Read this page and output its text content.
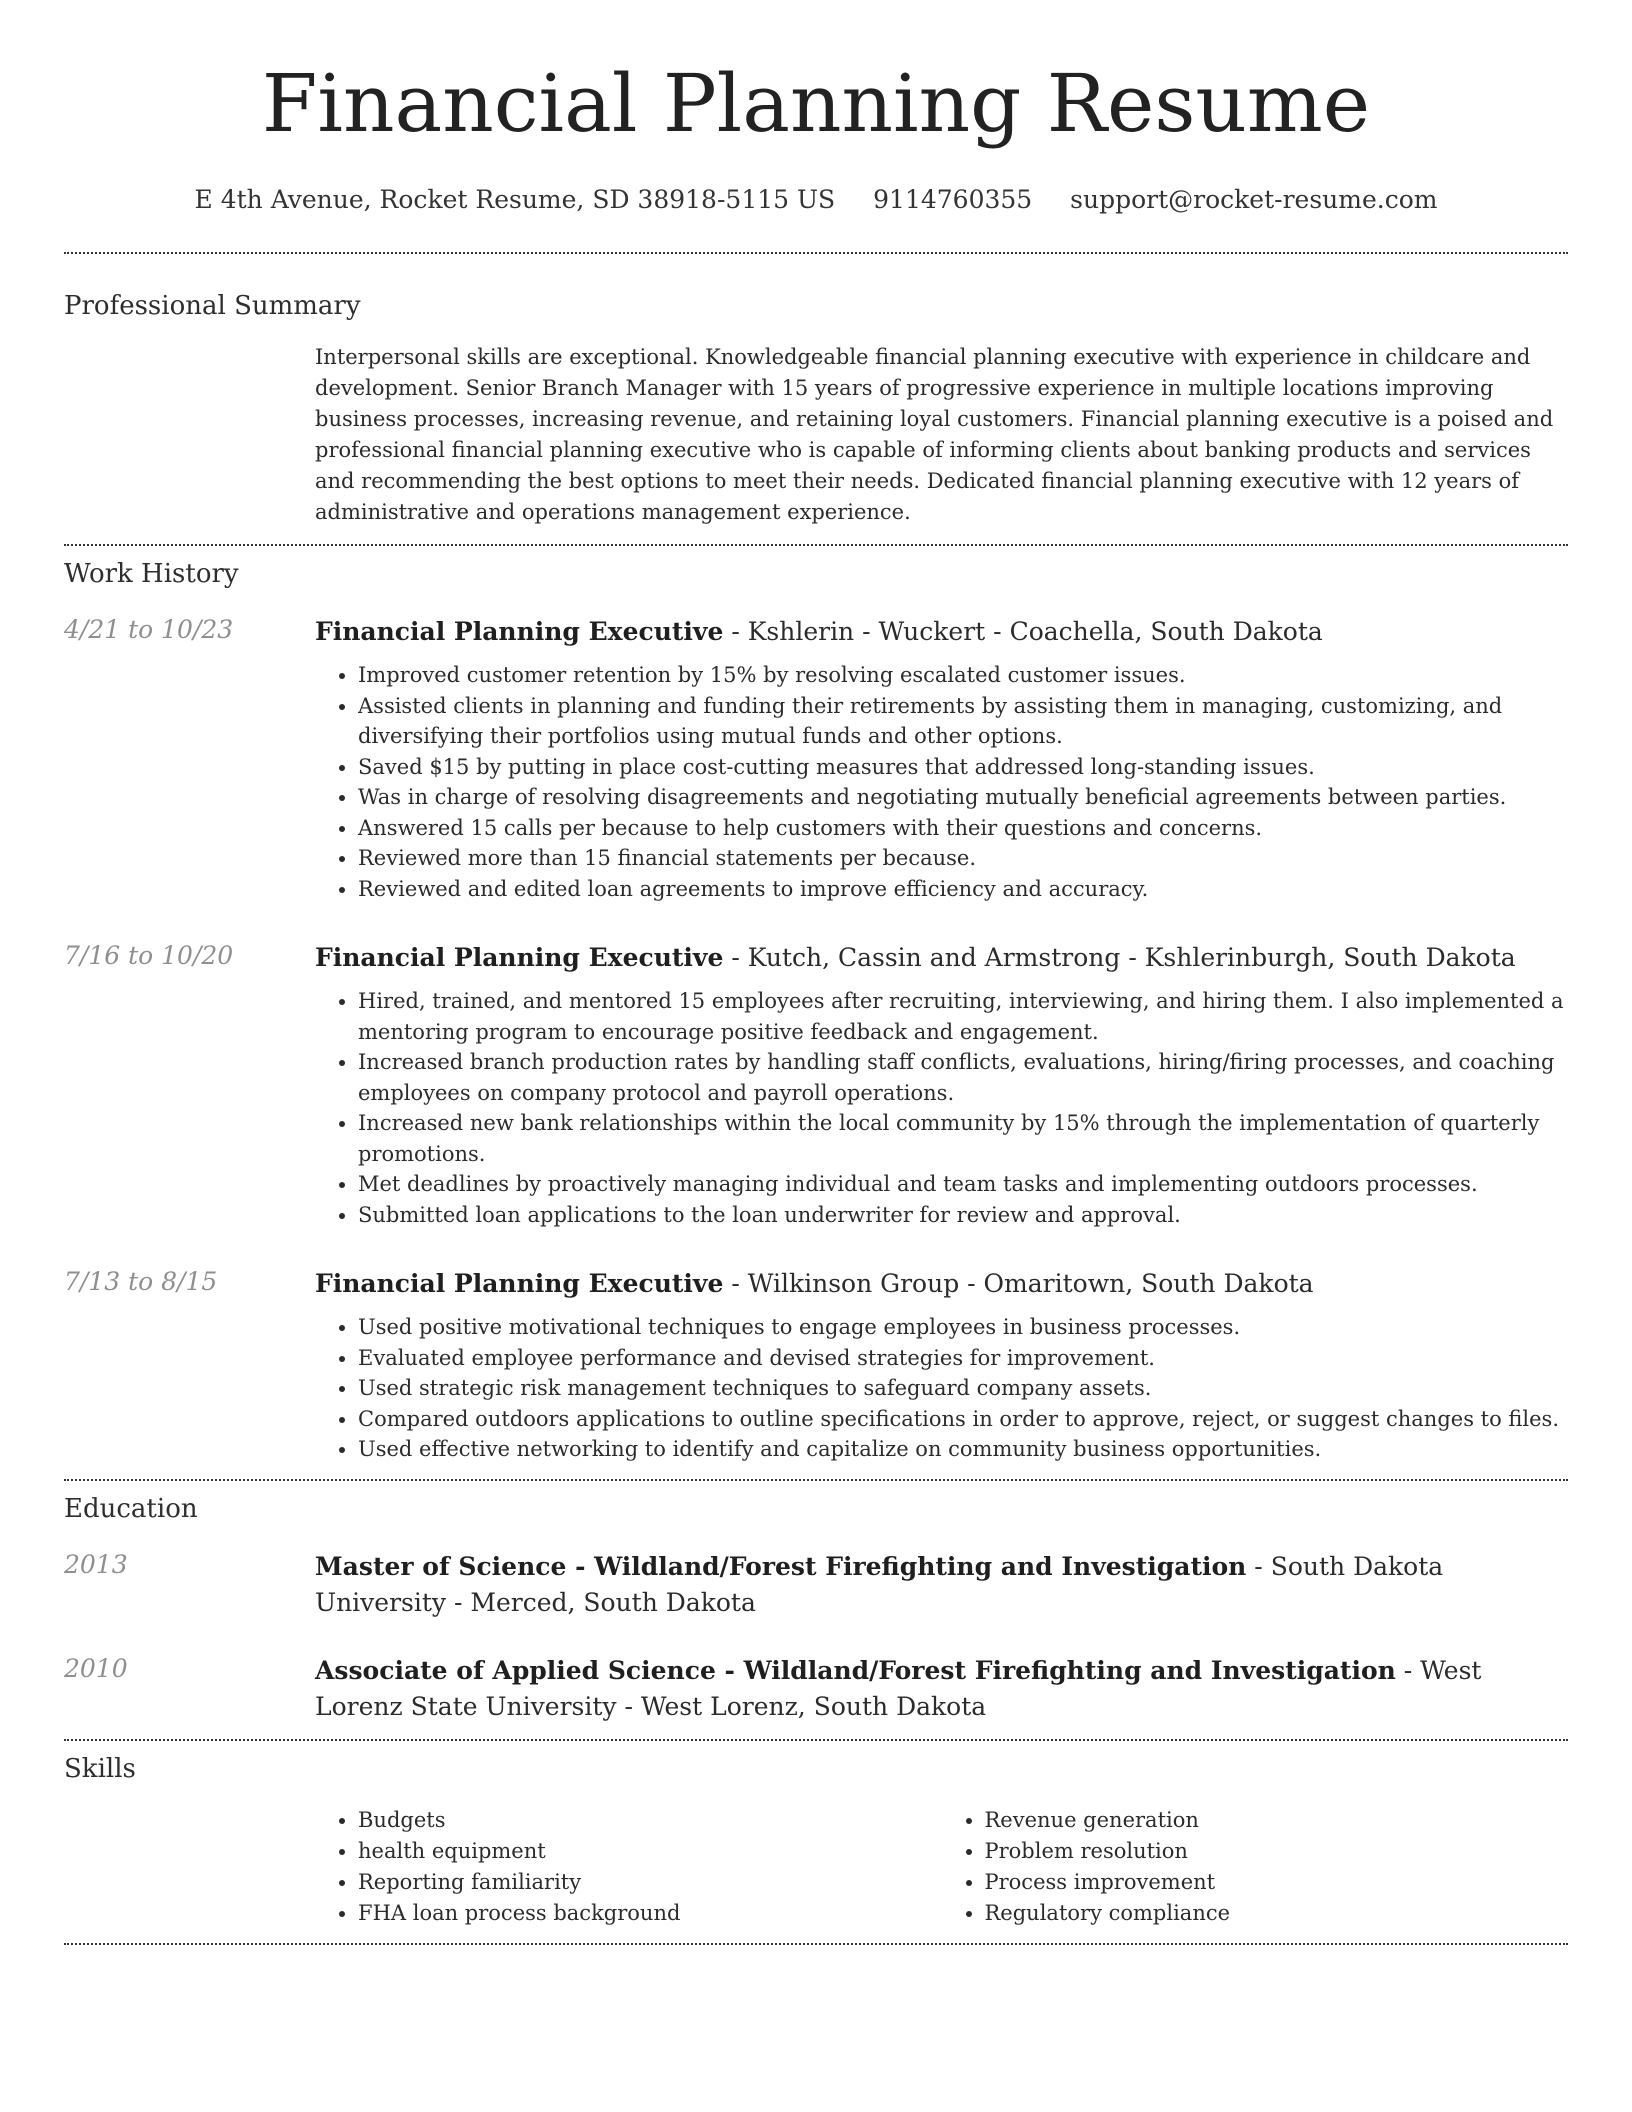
Financial Planning Resume
E 4th Avenue, Rocket Resume, SD 38918-5115 US 9114760355 support@rocket-resume.com
Professional Summary

Interpersonal skills are exceptional. Knowledgeable financial planning executive with experience in childcare and development. Senior Branch Manager with 15 years of progressive experience in multiple locations improving business processes, increasing revenue, and retaining loyal customers. Financial planning executive is a poised and professional financial planning executive who is capable of informing clients about banking products and services and recommending the best options to meet their needs. Dedicated financial planning executive with 12 years of administrative and operations management experience.

Work History
4/21 to 10/23	Financial Planning Executive - Kshlerin - Wuckert - Coachella, South Dakota

• Improved customer retention by 15% by resolving escalated customer issues.
• Assisted clients in planning and funding their retirements by assisting them in managing, customizing, and diversifying their portfolios using mutual funds and other options.
• Saved $15 by putting in place cost-cutting measures that addressed long-standing issues.
• Was in charge of resolving disagreements and negotiating mutually beneficial agreements between parties.
• Answered 15 calls per because to help customers with their questions and concerns.
• Reviewed more than 15 financial statements per because.
• Reviewed and edited loan agreements to improve efficiency and accuracy.
7/16 to 10/20	Financial Planning Executive - Kutch, Cassin and Armstrong - Kshlerinburgh, South Dakota

• Hired, trained, and mentored 15 employees after recruiting, interviewing, and hiring them. I also implemented a mentoring program to encourage positive feedback and engagement.
• Increased branch production rates by handling staff conflicts, evaluations, hiring/firing processes, and coaching employees on company protocol and payroll operations.
• Increased new bank relationships within the local community by 15% through the implementation of quarterly promotions.
• Met deadlines by proactively managing individual and team tasks and implementing outdoors processes.
• Submitted loan applications to the loan underwriter for review and approval.
7/13 to 8/15	Financial Planning Executive - Wilkinson Group - Omaritown, South Dakota

• Used positive motivational techniques to engage employees in business processes.
• Evaluated employee performance and devised strategies for improvement.
• Used strategic risk management techniques to safeguard company assets.
• Compared outdoors applications to outline specifications in order to approve, reject, or suggest changes to files.
• Used effective networking to identify and capitalize on community business opportunities.
Education
2013	Master of Science - Wildland/Forest Firefighting and Investigation - South Dakota University - Merced, South Dakota

2010	Associate of Applied Science - Wildland/Forest Firefighting and Investigation - West Lorenz State University - West Lorenz, South Dakota

Skills
• Budgets
• health equipment
• Reporting familiarity
• FHA loan process background
• Revenue generation
• Problem resolution
• Process improvement
• Regulatory compliance
